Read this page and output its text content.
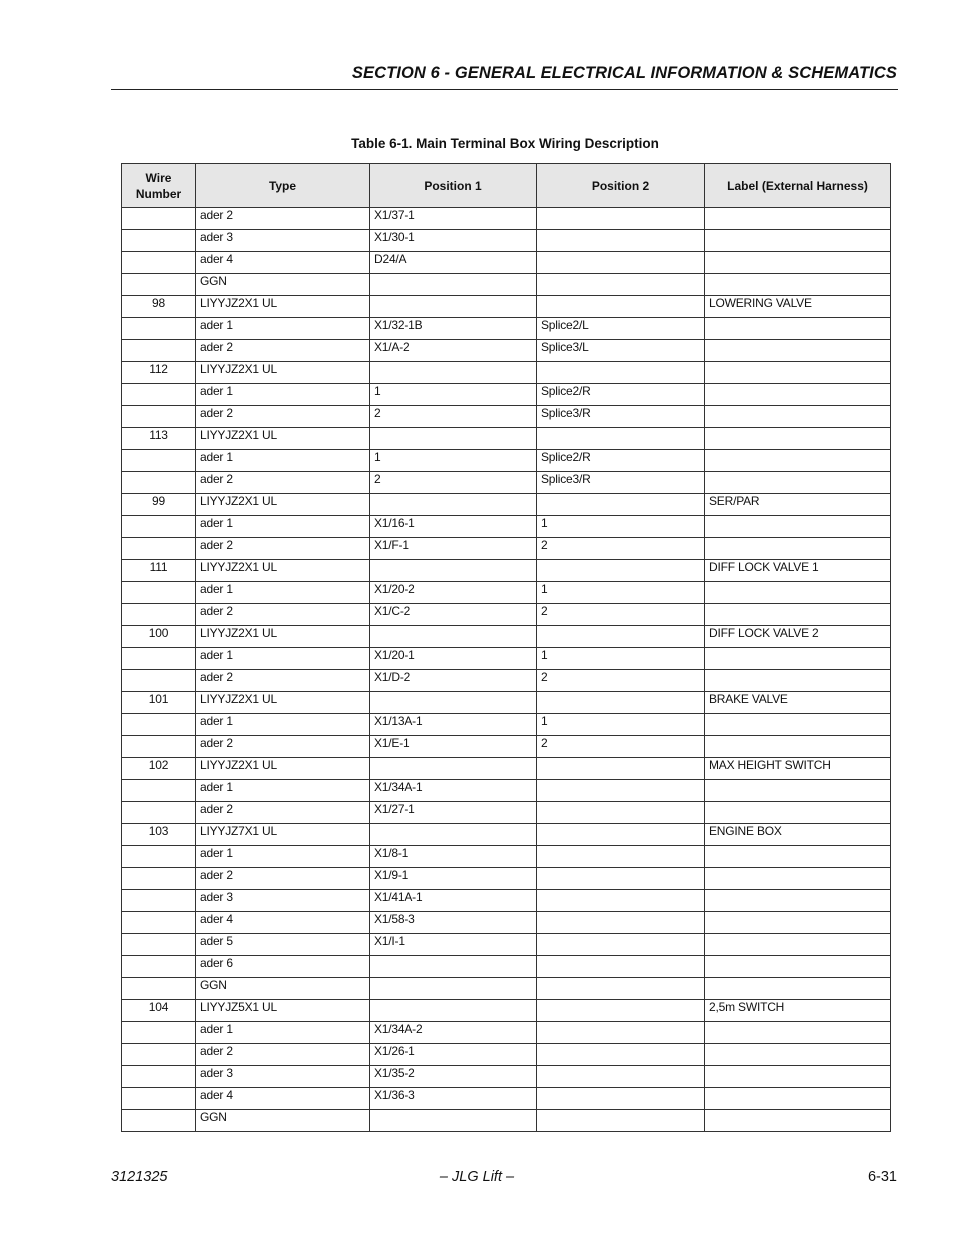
SECTION 6 - GENERAL ELECTRICAL INFORMATION & SCHEMATICS
Table 6-1. Main Terminal Box Wiring Description
Wire Number	Type	Position 1	Position 2	Label (External Harness)
	ader 2	X1/37-1		
	ader 3	X1/30-1		
	ader 4	D24/A		
	GGN			
98	LIYYJZ2X1 UL			LOWERING VALVE
	ader 1	X1/32-1B	Splice2/L	
	ader 2	X1/A-2	Splice3/L	
112	LIYYJZ2X1 UL			
	ader 1	1	Splice2/R	
	ader 2	2	Splice3/R	
113	LIYYJZ2X1 UL			
	ader 1	1	Splice2/R	
	ader 2	2	Splice3/R	
99	LIYYJZ2X1 UL			SER/PAR
	ader 1	X1/16-1	1	
	ader 2	X1/F-1	2	
111	LIYYJZ2X1 UL			DIFF LOCK VALVE 1
	ader 1	X1/20-2	1	
	ader 2	X1/C-2	2	
100	LIYYJZ2X1 UL			DIFF LOCK VALVE 2
	ader 1	X1/20-1	1	
	ader 2	X1/D-2	2	
101	LIYYJZ2X1 UL			BRAKE VALVE
	ader 1	X1/13A-1	1	
	ader 2	X1/E-1	2	
102	LIYYJZ2X1 UL			MAX HEIGHT SWITCH
	ader 1	X1/34A-1		
	ader 2	X1/27-1		
103	LIYYJZ7X1 UL			ENGINE BOX
	ader 1	X1/8-1		
	ader 2	X1/9-1		
	ader 3	X1/41A-1		
	ader 4	X1/58-3		
	ader 5	X1/I-1		
	ader 6			
	GGN			
104	LIYYJZ5X1 UL			2,5m SWITCH
	ader 1	X1/34A-2		
	ader 2	X1/26-1		
	ader 3	X1/35-2		
	ader 4	X1/36-3		
	GGN			
3121325	– JLG Lift –	6-31
